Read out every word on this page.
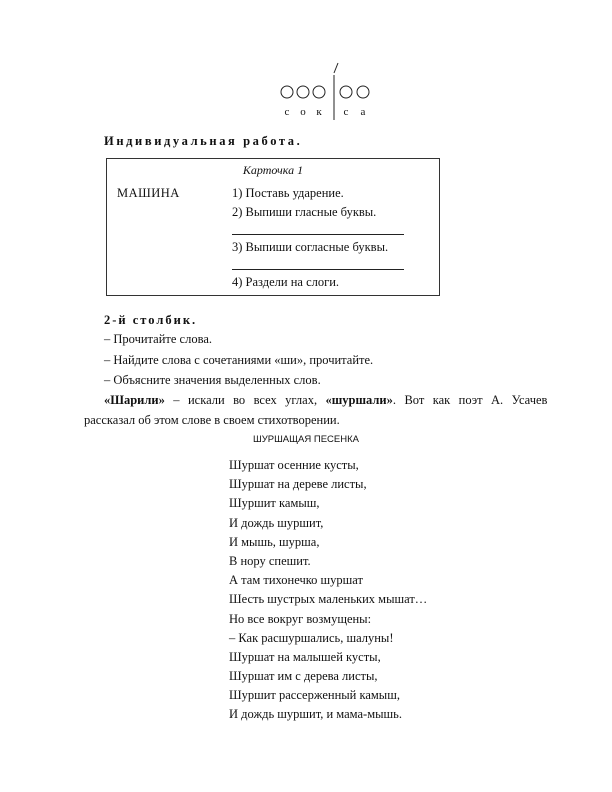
с о к	с	а
Индивидуальная работа.
Карточка 1
МАШИНА	1) Поставь ударение.
2) Выпиши гласные буквы.
3) Выпиши согласные буквы.
4) Раздели на слоги.
2-й столбик.
– Прочитайте слова.
– Найдите слова с сочетаниями «ши», прочитайте.
– Объясните значения выделенных слов.
«Шарили» – искали во всех углах, «шуршали». Вот как поэт А. Усачев
рассказал об этом слове в своем стихотворении.
ШУРШАЩАЯ ПЕСЕНКА
Шуршат осенние кусты,
Шуршат на дереве листы,
Шуршит камыш,
И дождь шуршит,
И мышь, шурша,
В нору спешит.
А там тихонечко шуршат
Шесть шустрых маленьких мышат…
Но все вокруг возмущены:
– Как расшуршались, шалуны!
Шуршат на малышей кусты,
Шуршат им с дерева листы,
Шуршит рассерженный камыш,
И дождь шуршит, и мама-мышь.
